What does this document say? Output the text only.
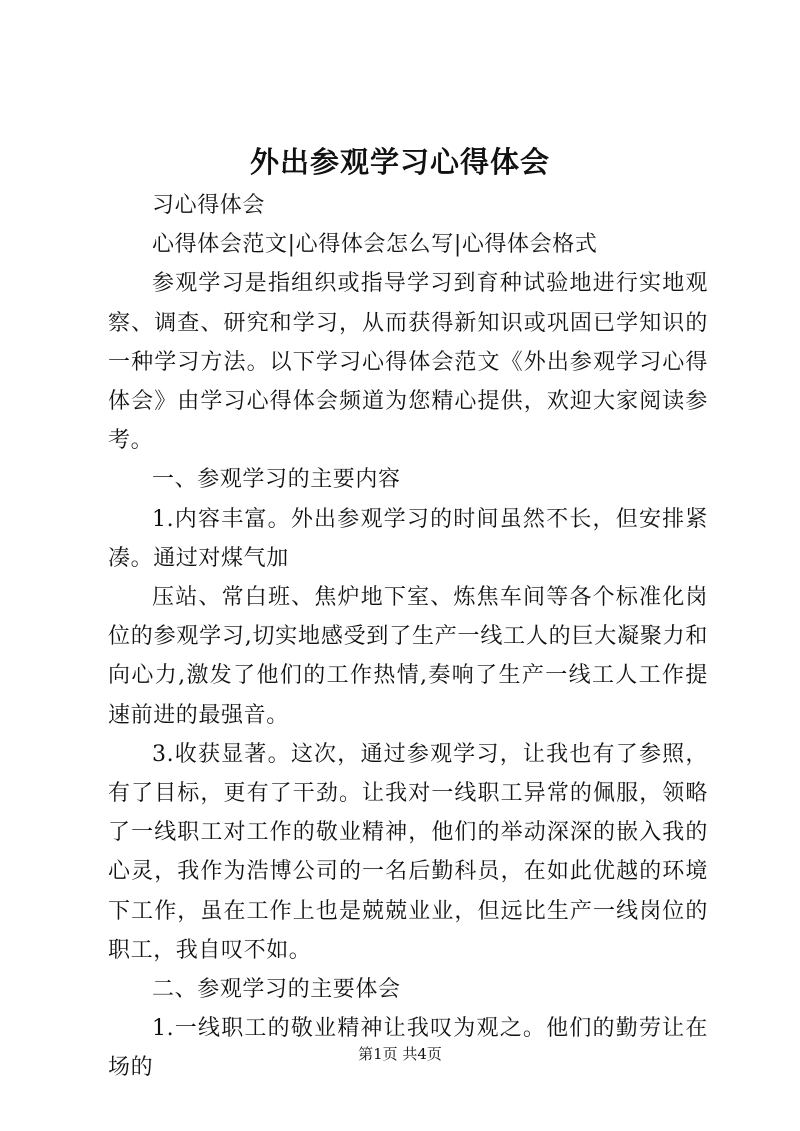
外出参观学习心得体会

习心得体会

心得体会范文|心得体会怎么写|心得体会格式

参观学习是指组织或指导学习到育种试验地进行实地观察、调查、研究和学习，从而获得新知识或巩固已学知识的一种学习方法。以下学习心得体会范文《外出参观学习心得体会》由学习心得体会频道为您精心提供，欢迎大家阅读参考。

一、参观学习的主要内容

1.内容丰富。外出参观学习的时间虽然不长，但安排紧凑。通过对煤气加

压站、常白班、焦炉地下室、炼焦车间等各个标准化岗位的参观学习,切实地感受到了生产一线工人的巨大凝聚力和向心力,激发了他们的工作热情,奏响了生产一线工人工作提速前进的最强音。

3.收获显著。这次，通过参观学习，让我也有了参照，有了目标，更有了干劲。让我对一线职工异常的佩服，领略了一线职工对工作的敬业精神，他们的举动深深的嵌入我的心灵，我作为浩博公司的一名后勤科员，在如此优越的环境下工作，虽在工作上也是兢兢业业，但远比生产一线岗位的职工，我自叹不如。

二、参观学习的主要体会

1.一线职工的敬业精神让我叹为观之。他们的勤劳让在场的

第1页 共4页
